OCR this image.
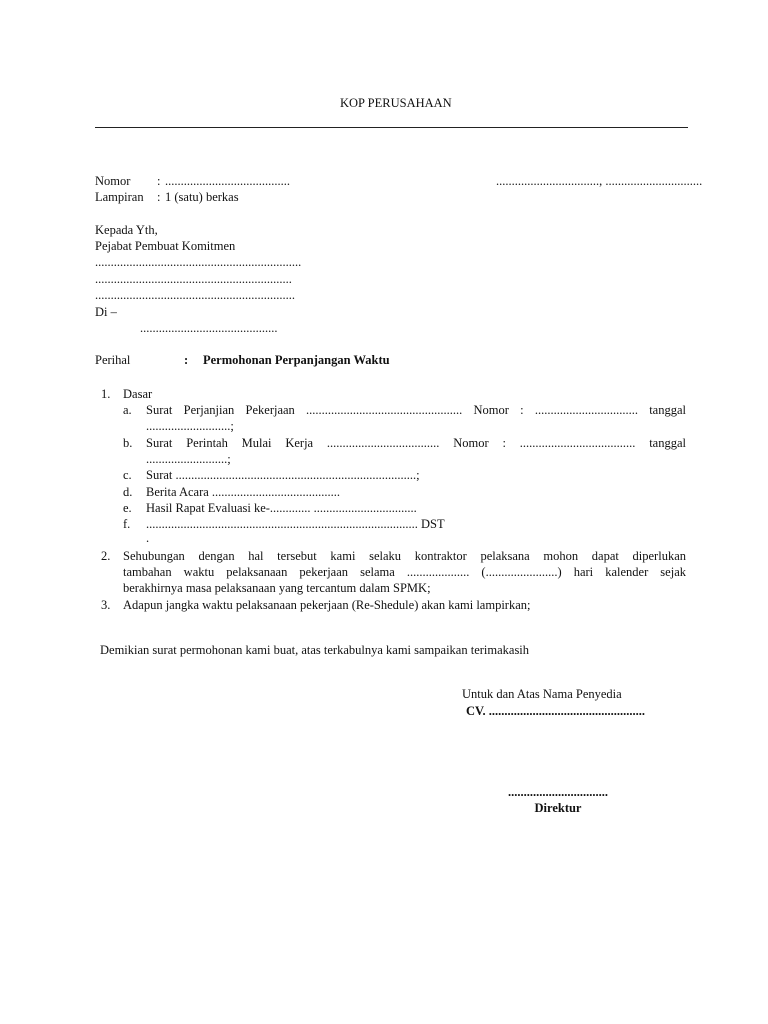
KOP PERUSAHAAN
Nomor : ........................................	................................., ...............................
Lampiran : 1 (satu) berkas
Kepada Yth,
Pejabat Pembuat Komitmen
..................................................................
...............................................................
................................................................
Di –
............................................
Perihal	: Permohonan Perpanjangan Waktu
1. Dasar
a. Surat Perjanjian Pekerjaan .................................................. Nomor : ................................. tanggal
...........................;
b. Surat Perintah Mulai Kerja .................................... Nomor : ..................................... tanggal
..........................;
c. Surat .............................................................................;
d. Berita Acara .........................................
e. Hasil Rapat Evaluasi ke-............. .................................
f. ....................................................................................... DST
.
2. Sehubungan dengan hal tersebut kami selaku kontraktor pelaksana mohon dapat diperlukan
tambahan waktu pelaksanaan pekerjaan selama .................... (.......................) hari kalender sejak
berakhirnya masa pelaksanaan yang tercantum dalam SPMK;
3. Adapun jangka waktu pelaksanaan pekerjaan (Re-Shedule) akan kami lampirkan;
Demikian surat permohonan kami buat, atas terkabulnya kami sampaikan terimakasih
Untuk dan Atas Nama Penyedia
CV. ..................................................
................................
Direktur
